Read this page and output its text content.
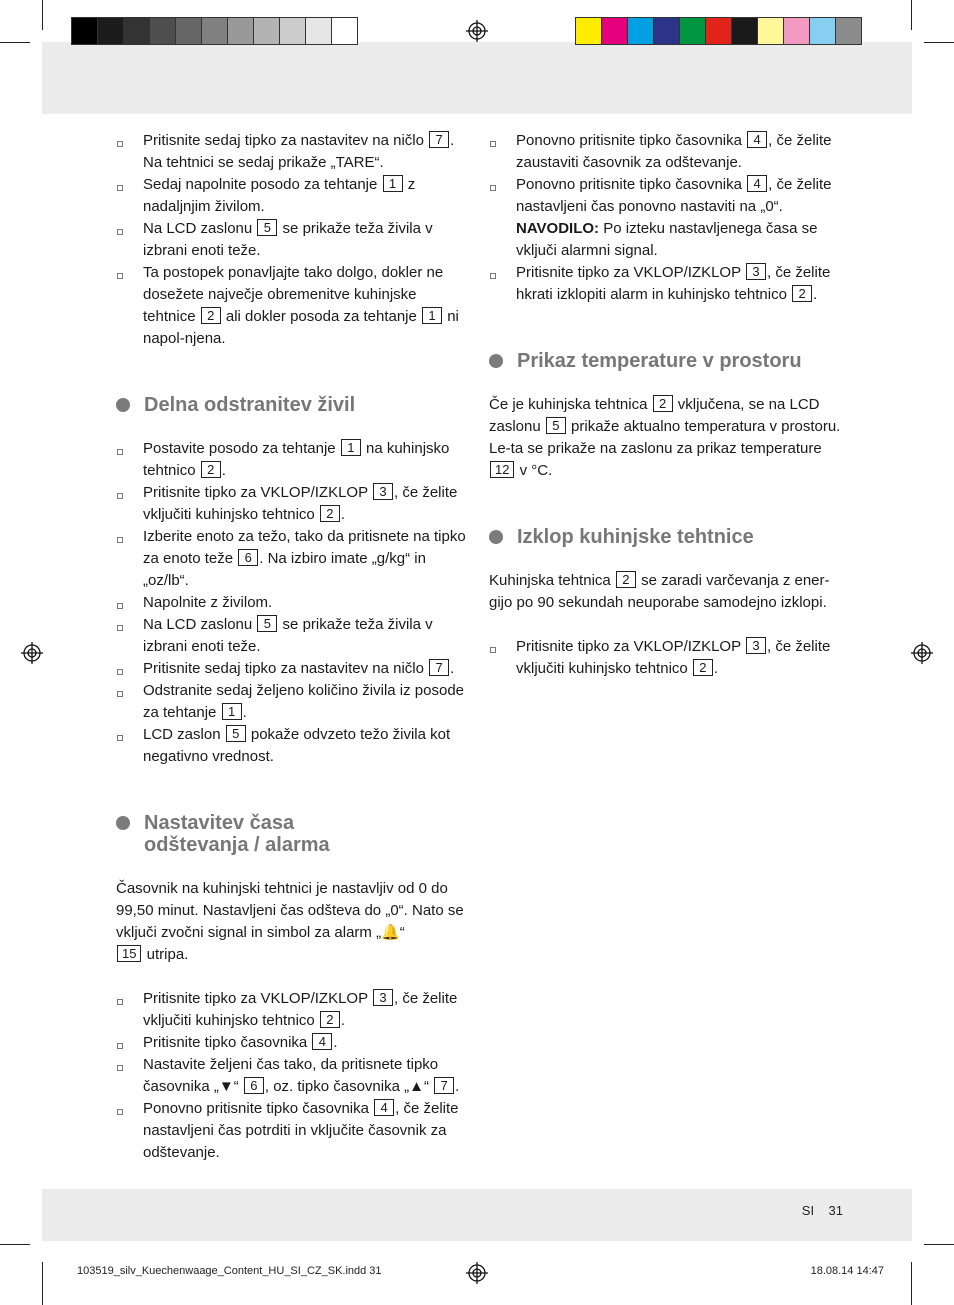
Pritisnite sedaj tipko za nastavitev na ničlo 7 . Na tehtnici se sedaj prikaže „TARE“.
Sedaj napolnite posodo za tehtanje 1 z nadaljnjim živilom.
Na LCD zaslonu 5 se prikaže teža živila v izbrani enoti teže.
Ta postopek ponavljajte tako dolgo, dokler ne dosežete največje obremenitve kuhinjske tehtnice 2 ali dokler posoda za tehtanje 1 ni napol-njena.
Delna odstranitev živil
Postavite posodo za tehtanje 1 na kuhinjsko tehtnico 2 .
Pritisnite tipko za VKLOP/IZKLOP 3 , če želite vključiti kuhinjsko tehtnico 2 .
Izberite enoto za težo, tako da pritisnete na tipko za enoto teže 6 . Na izbiro imate „g/kg“ in „oz/lb“.
Napolnite z živilom.
Na LCD zaslonu 5 se prikaže teža živila v izbrani enoti teže.
Pritisnite sedaj tipko za nastavitev na ničlo 7 .
Odstranite sedaj željeno količino živila iz posode za tehtanje 1 .
LCD zaslon 5 pokaže odvzeto težo živila kot negativno vrednost.
Nastavitev časa
odštevanja / alarma

Časovnik na kuhinjski tehtnici je nastavljiv od 0 do 99,50 minut. Nastavljeni čas odšteva do „0“. Nato se vključi zvočni signal in simbol za alarm „🔔“
15 utripa.

Pritisnite tipko za VKLOP/IZKLOP 3 , če želite vključiti kuhinjsko tehtnico 2 .
Pritisnite tipko časovnika 4 .
Nastavite željeni čas tako, da pritisnete tipko časovnika „▼“ 6 , oz. tipko časovnika „▲“ 7 .
Ponovno pritisnite tipko časovnika 4 , če želite nastavljeni čas potrditi in vključite časovnik za odštevanje.
Ponovno pritisnite tipko časovnika 4 , če želite zaustaviti časovnik za odštevanje.
Ponovno pritisnite tipko časovnika 4 , če želite nastavljeni čas ponovno nastaviti na „0“.
NAVODILO: Po izteku nastavljenega časa se vključi alarmni signal.
Pritisnite tipko za VKLOP/IZKLOP 3 , če želite hkrati izklopiti alarm in kuhinjsko tehtnico 2 .
Prikaz temperature v prostoru

Če je kuhinjska tehtnica 2 vključena, se na LCD zaslonu 5 prikaže aktualno temperatura v prostoru. Le-ta se prikaže na zaslonu za prikaz temperature 12 v °C.

Izklop kuhinjske tehtnice

Kuhinjska tehtnica 2 se zaradi varčevanja z ener-gijo po 90 sekundah neuporabe samodejno izklopi.

Pritisnite tipko za VKLOP/IZKLOP 3 , če želite vključiti kuhinjsko tehtnico 2 .
SI 31
103519_silv_Kuechenwaage_Content_HU_SI_CZ_SK.indd 31	18.08.14 14:47
